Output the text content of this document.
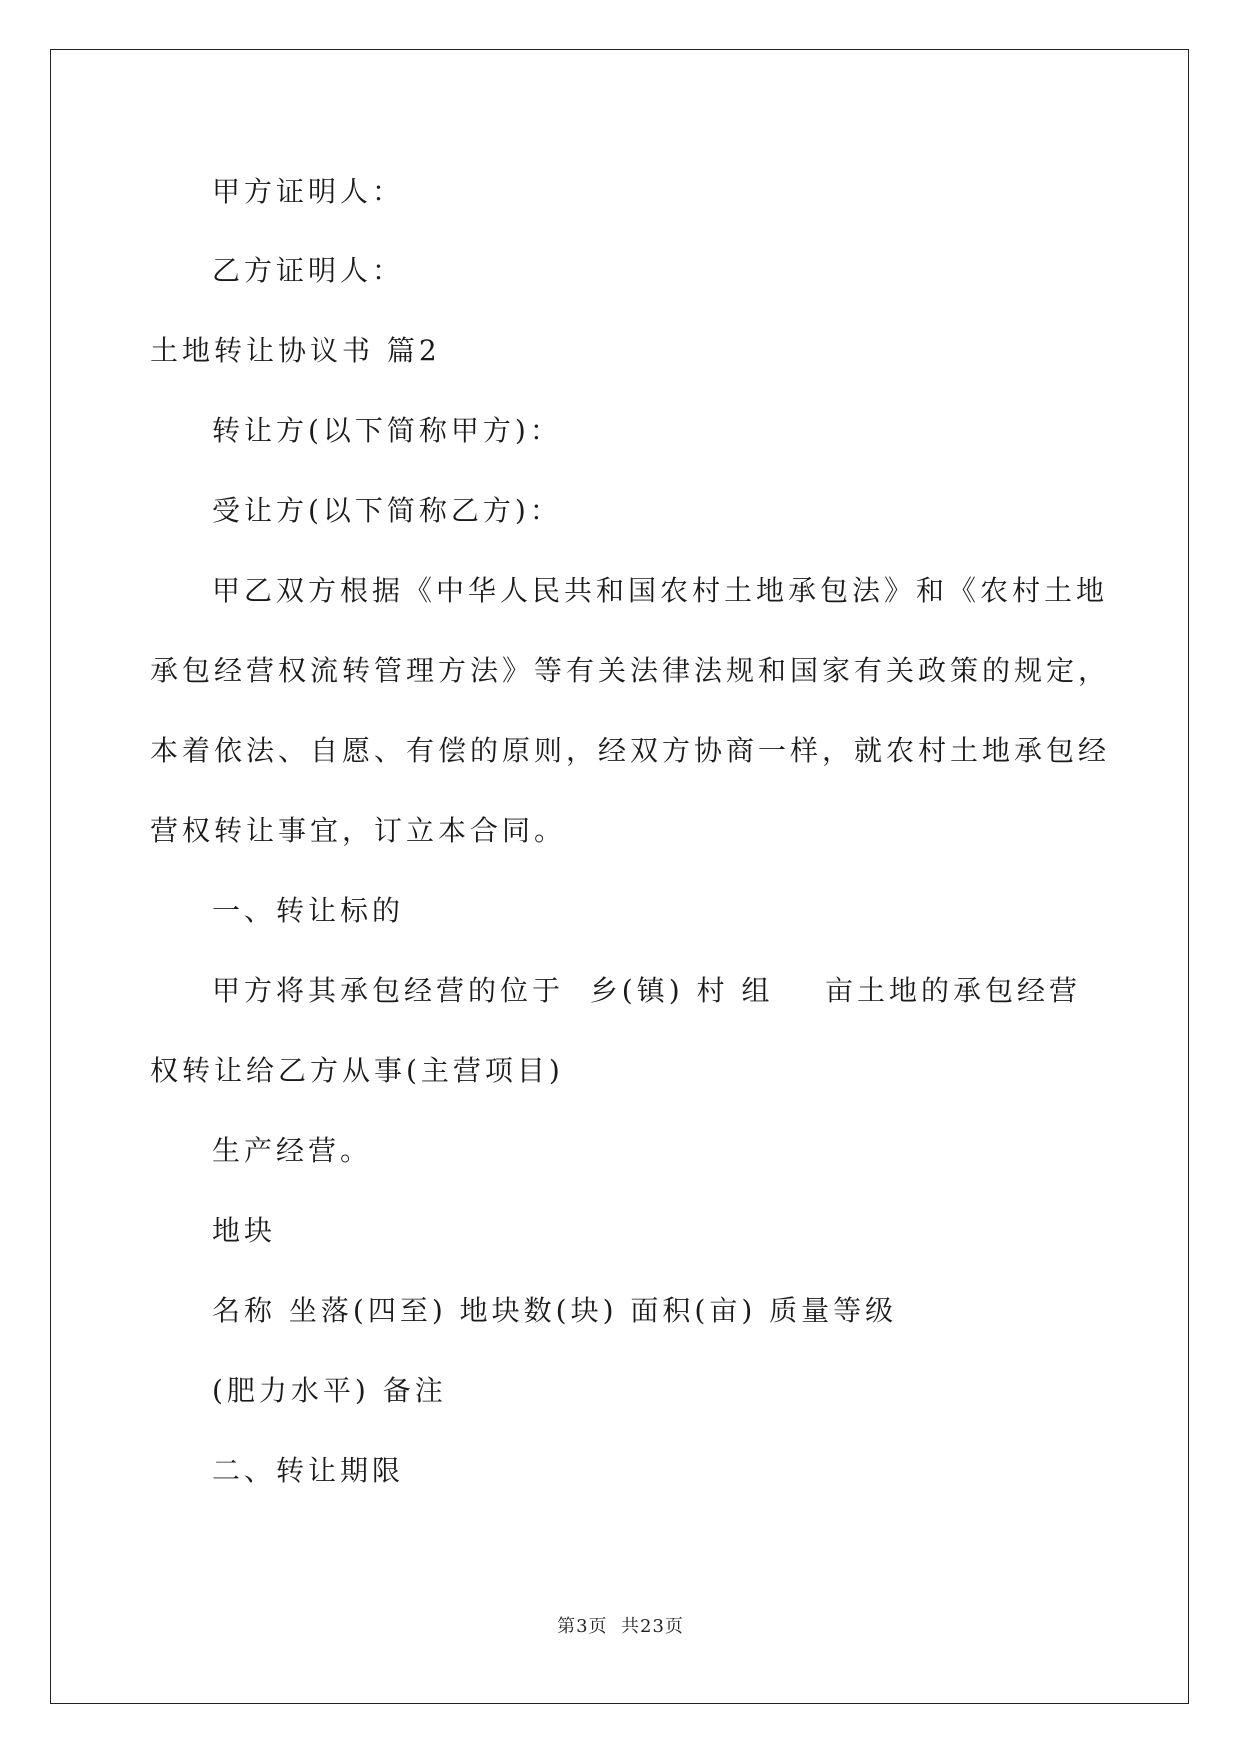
甲方证明人：
乙方证明人：
土地转让协议书 篇2
转让方(以下简称甲方)：
受让方(以下简称乙方)：
甲乙双方根据《中华人民共和国农村土地承包法》和《农村土地
承包经营权流转管理方法》等有关法律法规和国家有关政策的规定，
本着依法、自愿、有偿的原则，经双方协商一样，就农村土地承包经
营权转让事宜，订立本合同。
一、转让标的
甲方将其承包经营的位于  乡(镇) 村 组    亩土地的承包经营
权转让给乙方从事(主营项目)
生产经营。
地块
名称 坐落(四至) 地块数(块) 面积(亩) 质量等级
(肥力水平) 备注
二、转让期限
第3页  共23页
